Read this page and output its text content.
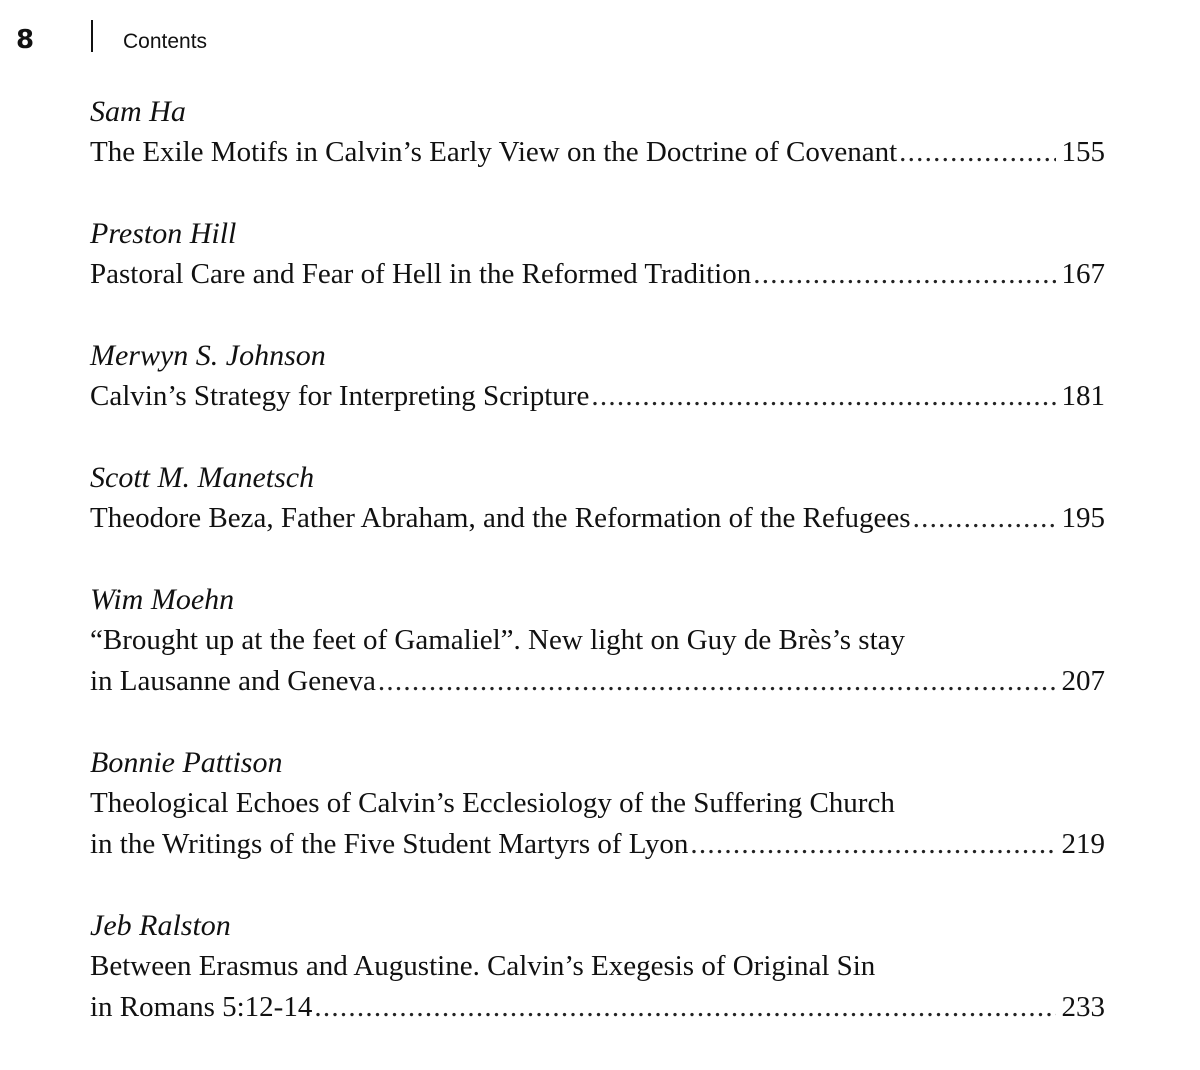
8	Contents
Sam Ha
The Exile Motifs in Calvin’s Early View on the Doctrine of Covenant . . .	155
Preston Hill
Pastoral Care and Fear of Hell in the Reformed Tradition . . .	167
Merwyn S. Johnson
Calvin’s Strategy for Interpreting Scripture . . .	181
Scott M. Manetsch
Theodore Beza, Father Abraham, and the Reformation of the Refugees . . .	195
Wim Moehn
“Brought up at the feet of Gamaliel”. New light on Guy de Brès’s stay
in Lausanne and Geneva . . .	207
Bonnie Pattison
Theological Echoes of Calvin’s Ecclesiology of the Suffering Church
in the Writings of the Five Student Martyrs of Lyon . . .	219
Jeb Ralston
Between Erasmus and Augustine. Calvin’s Exegesis of Original Sin
in Romans 5:12-14 . . .	233
